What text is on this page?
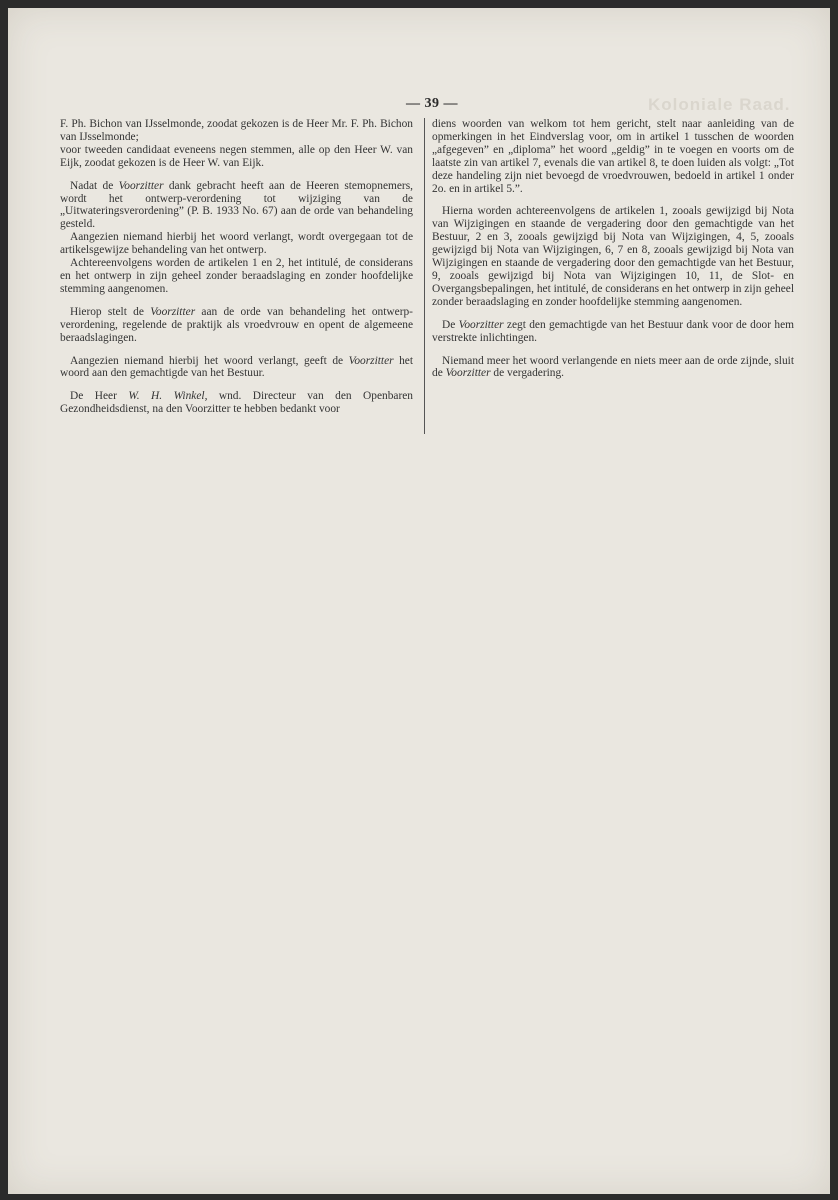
Koloniale Raad.
— 39 —

F. Ph. Bichon van IJsselmonde, zoodat gekozen is de Heer Mr. F. Ph. Bichon van IJsselmonde;

voor tweeden candidaat eveneens negen stemmen, alle op den Heer W. van Eijk, zoodat gekozen is de Heer W. van Eijk.

Nadat de Voorzitter dank gebracht heeft aan de Heeren stemopnemers, wordt het ontwerp-verordening tot wijziging van de „Uitwateringsverordening” (P. B. 1933 No. 67) aan de orde van behandeling gesteld.

Aangezien niemand hierbij het woord verlangt, wordt overgegaan tot de artikelsgewijze behandeling van het ontwerp.

Achtereenvolgens worden de artikelen 1 en 2, het intitulé, de considerans en het ontwerp in zijn geheel zonder beraadslaging en zonder hoofdelijke stemming aangenomen.

Hierop stelt de Voorzitter aan de orde van behandeling het ontwerp-verordening, regelende de praktijk als vroedvrouw en opent de algemeene beraadslagingen.

Aangezien niemand hierbij het woord verlangt, geeft de Voorzitter het woord aan den gemachtigde van het Bestuur.

De Heer W. H. Winkel, wnd. Directeur van den Openbaren Gezondheidsdienst, na den Voorzitter te hebben bedankt voor

diens woorden van welkom tot hem gericht, stelt naar aanleiding van de opmerkingen in het Eindverslag voor, om in artikel 1 tusschen de woorden „afgegeven” en „diploma” het woord „geldig” in te voegen en voorts om de laatste zin van artikel 7, evenals die van artikel 8, te doen luiden als volgt: „Tot deze handeling zijn niet bevoegd de vroedvrouwen, bedoeld in artikel 1 onder 2o. en in artikel 5.”.

Hierna worden achtereenvolgens de artikelen 1, zooals gewijzigd bij Nota van Wijzigingen en staande de vergadering door den gemachtigde van het Bestuur, 2 en 3, zooals gewijzigd bij Nota van Wijzigingen, 4, 5, zooals gewijzigd bij Nota van Wijzigingen, 6, 7 en 8, zooals gewijzigd bij Nota van Wijzigingen en staande de vergadering door den gemachtigde van het Bestuur, 9, zooals gewijzigd bij Nota van Wijzigingen 10, 11, de Slot- en Overgangsbepalingen, het intitulé, de considerans en het ontwerp in zijn geheel zonder beraadslaging en zonder hoofdelijke stemming aangenomen.

De Voorzitter zegt den gemachtigde van het Bestuur dank voor de door hem verstrekte inlichtingen.

Niemand meer het woord verlangende en niets meer aan de orde zijnde, sluit de Voorzitter de vergadering.
